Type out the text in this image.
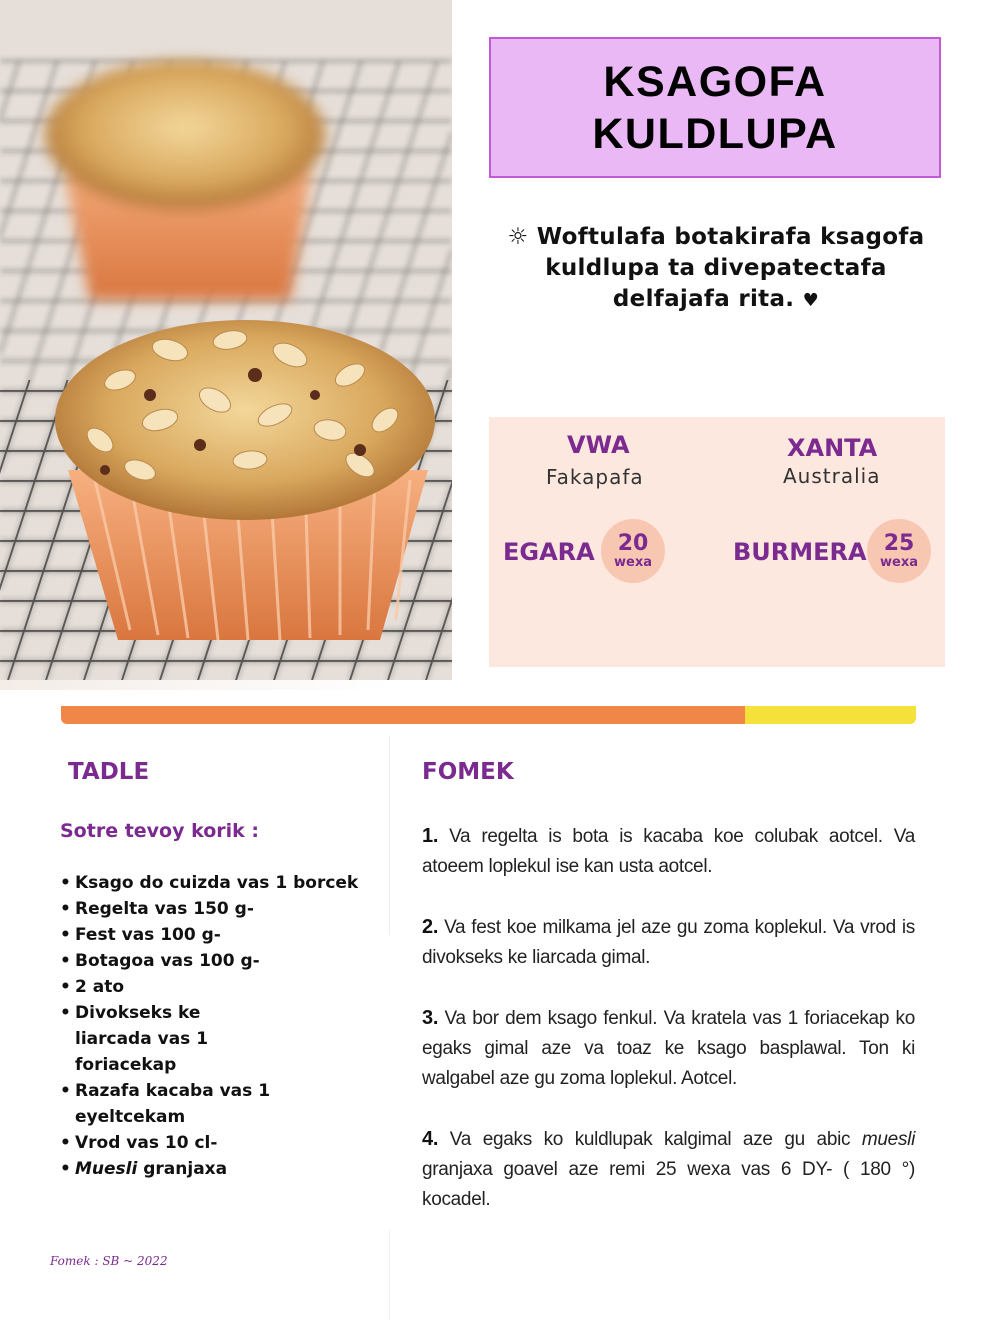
KSAGOFA
KULDLUPA
☼ Woftulafa botakirafa ksagofa kuldlupa ta divepatectafa delfajafa rita. ♥
VWA
Fakapafa
XANTA
Australia
EGARA 20
wexa	BURMERA 25
wexa
TADLE
Sotre tevoy korik :
• Ksago do cuizda vas 1 borcek
• Regelta vas 150 g-
• Fest vas 100 g-
• Botagoa vas 100 g-
• 2 ato
• Divokseks ke liarcada vas 1 foriacekap
• Razafa kacaba vas 1 eyeltcekam
• Vrod vas 10 cl-
• Muesli granjaxa
FOMEK

1. Va regelta is bota is kacaba koe colubak aotcel. Va atoeem loplekul ise kan usta aotcel.

2. Va fest koe milkama jel aze gu zoma koplekul. Va vrod is divokseks ke liarcada gimal.

3. Va bor dem ksago fenkul. Va kratela vas 1 foriacekap ko egaks gimal aze va toaz ke ksago basplawal. Ton ki walgabel aze gu zoma loplekul. Aotcel.

4. Va egaks ko kuldlupak kalgimal aze gu abic muesli granjaxa goavel aze remi 25 wexa vas 6 DY- ( 180 °) kocadel.

Fomek : SB ~ 2022
